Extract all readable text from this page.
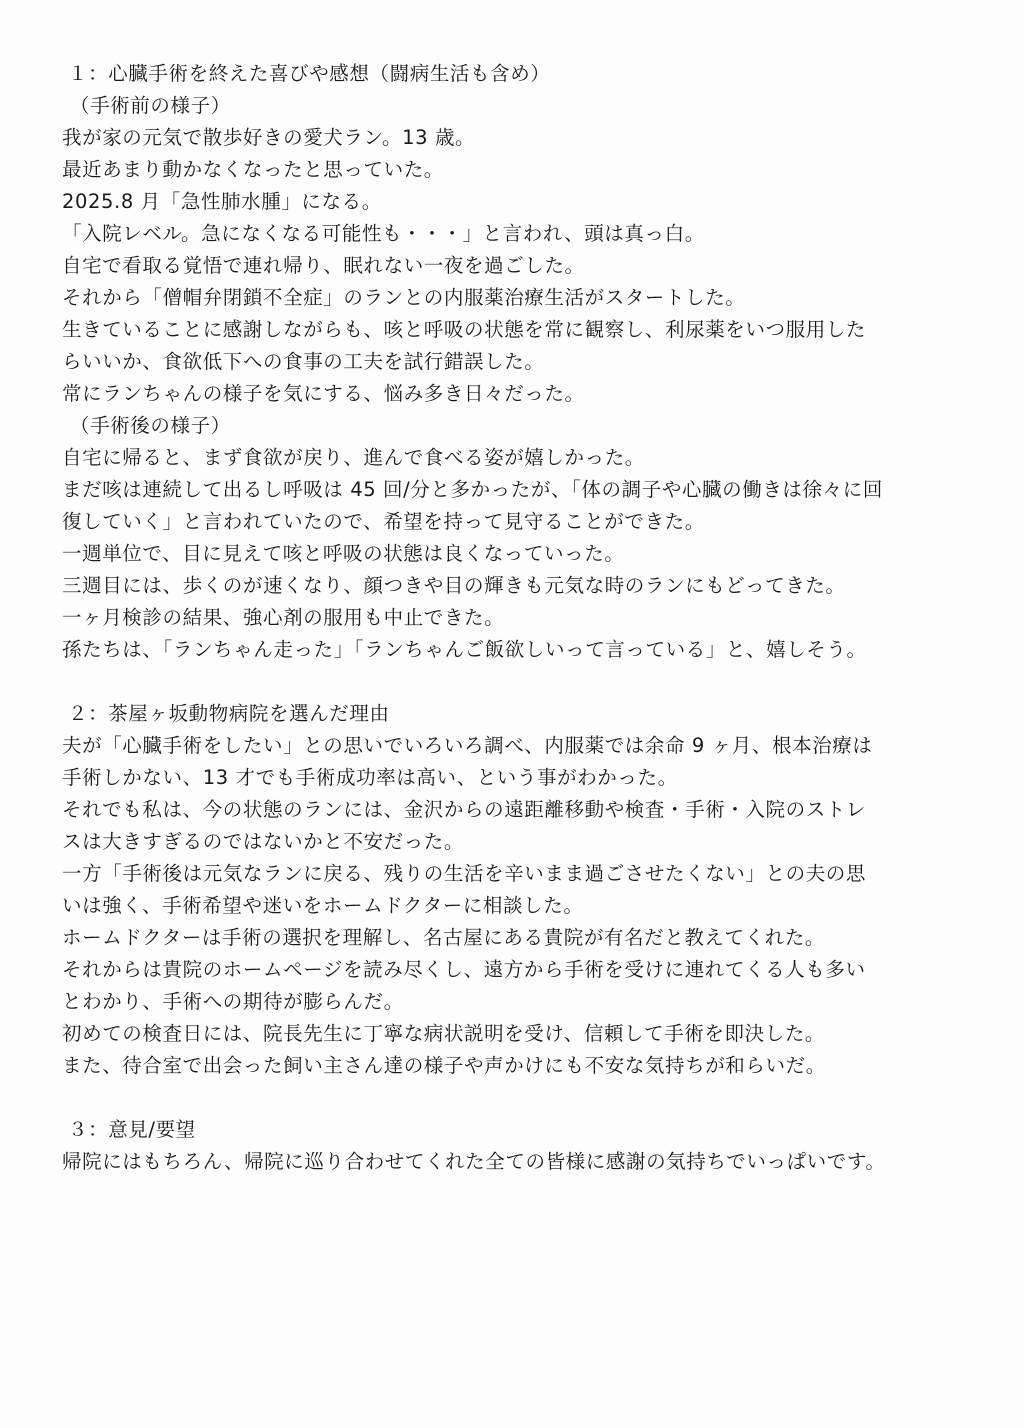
１：心臓手術を終えた喜びや感想（闘病生活も含め）
（手術前の様子）
我が家の元気で散歩好きの愛犬ラン。13 歳。
最近あまり動かなくなったと思っていた。
2025.8 月「急性肺水腫」になる。
「入院レベル。急になくなる可能性も・・・」と言われ、頭は真っ白。
自宅で看取る覚悟で連れ帰り、眠れない一夜を過ごした。
それから「僧帽弁閉鎖不全症」のランとの内服薬治療生活がスタートした。
生きていることに感謝しながらも、咳と呼吸の状態を常に観察し、利尿薬をいつ服用した
らいいか、食欲低下への食事の工夫を試行錯誤した。
常にランちゃんの様子を気にする、悩み多き日々だった。
（手術後の様子）
自宅に帰ると、まず食欲が戻り、進んで食べる姿が嬉しかった。
まだ咳は連続して出るし呼吸は 45 回/分と多かったが、「体の調子や心臓の働きは徐々に回
復していく」と言われていたので、希望を持って見守ることができた。
一週単位で、目に見えて咳と呼吸の状態は良くなっていった。
三週目には、歩くのが速くなり、顔つきや目の輝きも元気な時のランにもどってきた。
一ヶ月検診の結果、強心剤の服用も中止できた。
孫たちは、「ランちゃん走った」「ランちゃんご飯欲しいって言っている」と、嬉しそう。
２：茶屋ヶ坂動物病院を選んだ理由
夫が「心臓手術をしたい」との思いでいろいろ調べ、内服薬では余命 9 ヶ月、根本治療は
手術しかない、13 才でも手術成功率は高い、という事がわかった。
それでも私は、今の状態のランには、金沢からの遠距離移動や検査・手術・入院のストレ
スは大きすぎるのではないかと不安だった。
一方「手術後は元気なランに戻る、残りの生活を辛いまま過ごさせたくない」との夫の思
いは強く、手術希望や迷いをホームドクターに相談した。
ホームドクターは手術の選択を理解し、名古屋にある貴院が有名だと教えてくれた。
それからは貴院のホームページを読み尽くし、遠方から手術を受けに連れてくる人も多い
とわかり、手術への期待が膨らんだ。
初めての検査日には、院長先生に丁寧な病状説明を受け、信頼して手術を即決した。
また、待合室で出会った飼い主さん達の様子や声かけにも不安な気持ちが和らいだ。
３：意見/要望
帰院にはもちろん、帰院に巡り合わせてくれた全ての皆様に感謝の気持ちでいっぱいです。
